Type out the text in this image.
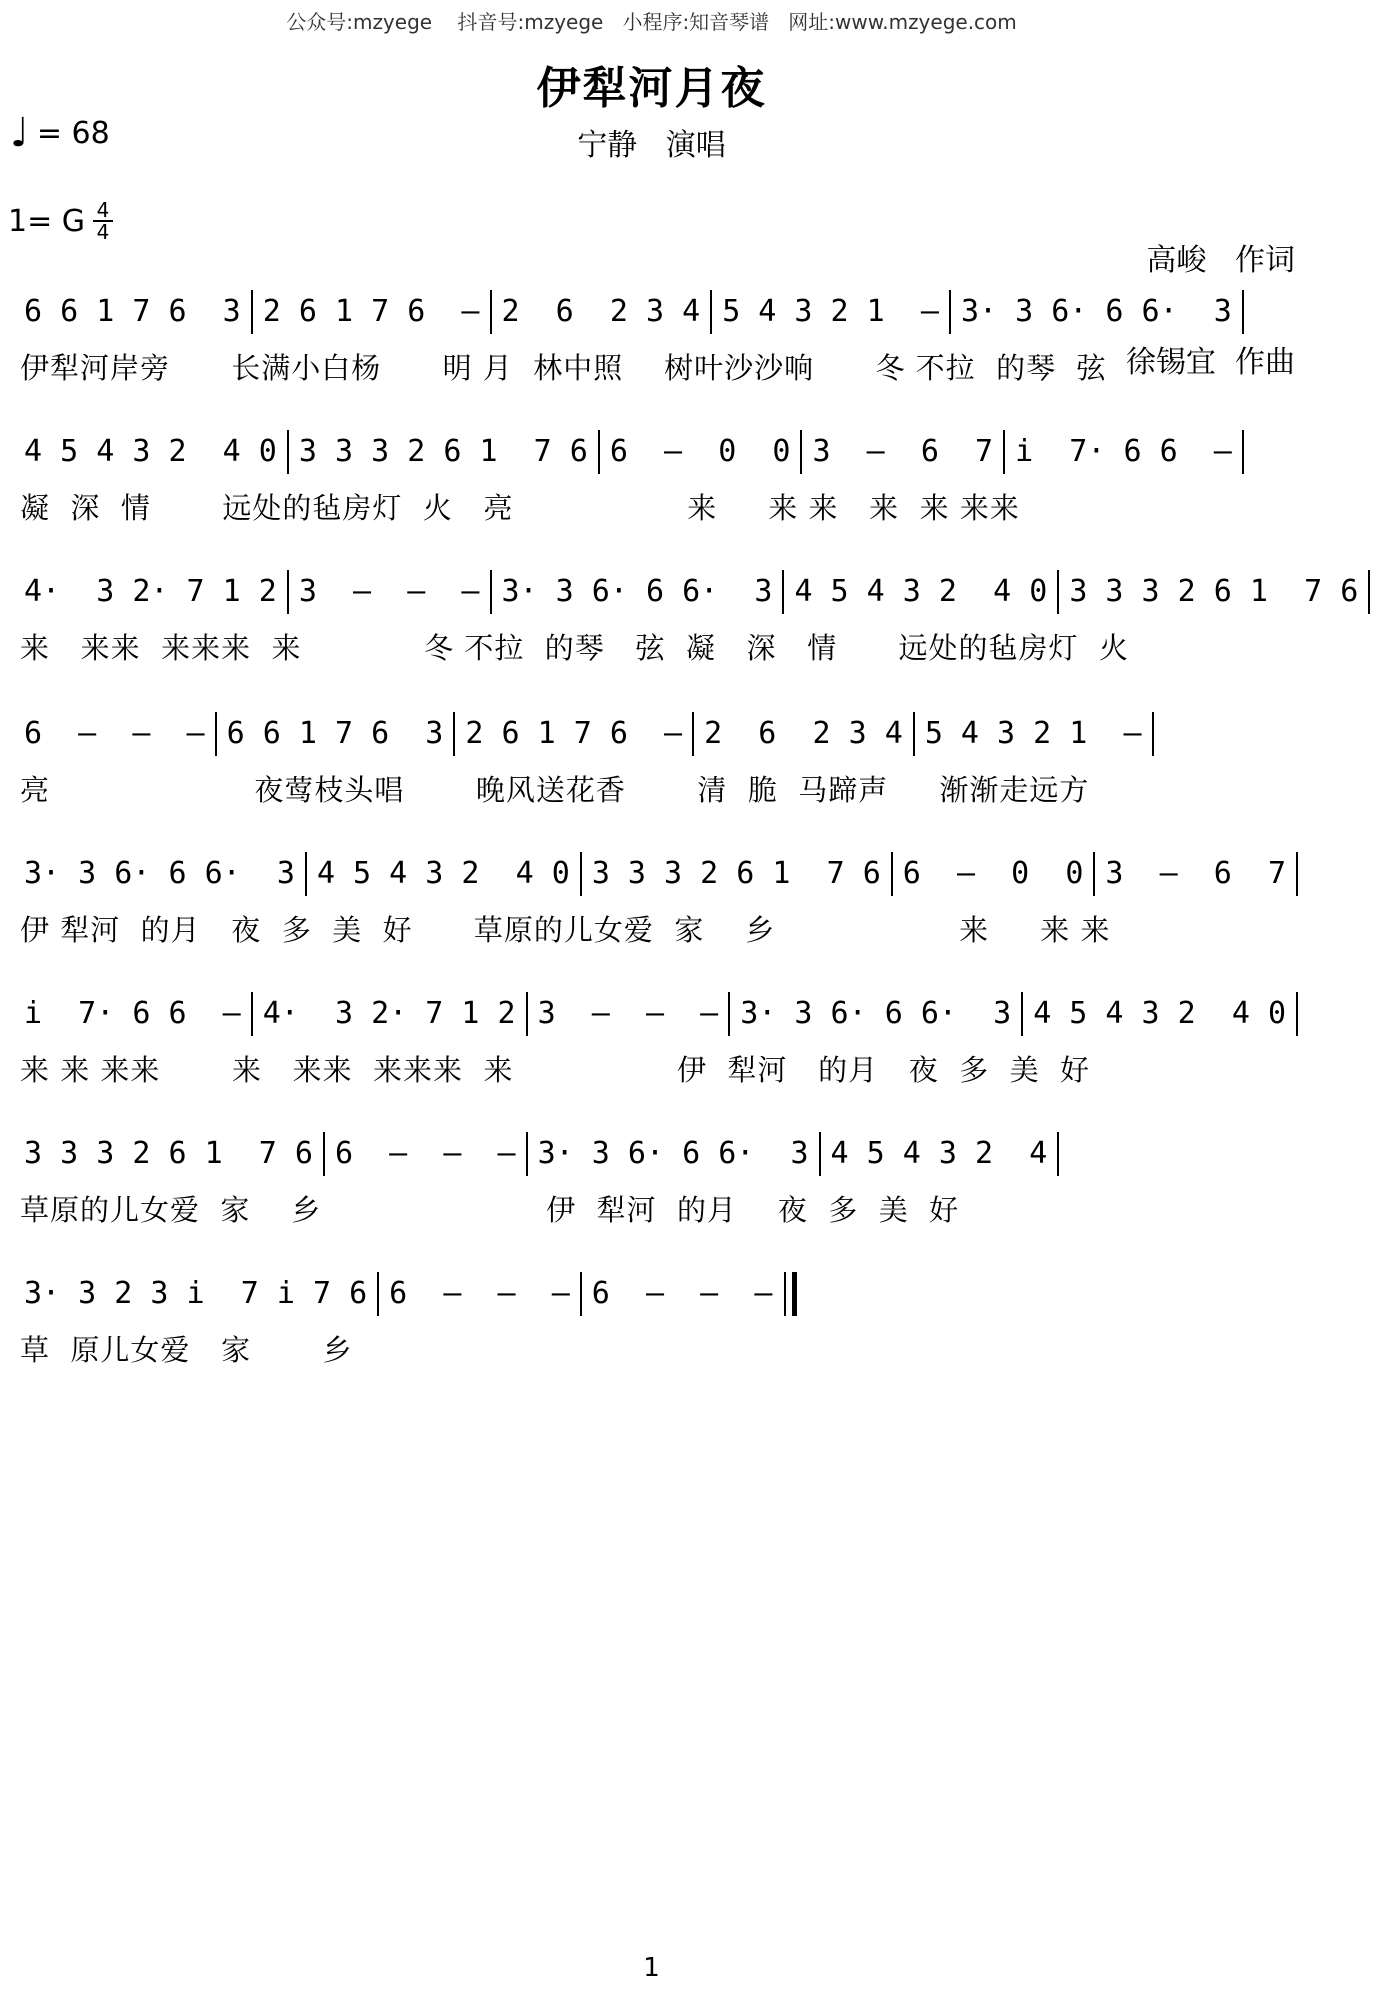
公众号:mzyege    抖音号:mzyege   小程序:知音琴谱   网址:www.mzyege.com
♩ = 68
伊犁河月夜
宁静   演唱
1= G $\frac{4}{4}$

高峻   作词

徐锡宜  作曲

6 6 1 7 6  3 2 6 1 7 6  – 2  6  2 3 4 5 4 3 2 1  – 3· 3 6· 6 6·  3
伊犁河岸旁      长满小白杨      明 月  林中照    树叶沙沙响      冬 不拉  的琴  弦
4 5 4 3 2  4 0 3 3 3 2 6 1  7 6 6  –  0  0 3  –  6  7 i  7· 6 6  –
凝  深  情       远处的毡房灯  火   亮                 来     来 来   来  来 来来
4·  3 2· 7 1 2 3  –  –  – 3· 3 6· 6 6·  3 4 5 4 3 2  4 0 3 3 3 2 6 1  7 6
来   来来  来来来  来            冬 不拉  的琴   弦  凝   深   情      远处的毡房灯  火
6  –  –  – 6 6 1 7 6  3 2 6 1 7 6  – 2  6  2 3 4 5 4 3 2 1  –
亮                    夜莺枝头唱       晚风送花香       清  脆  马蹄声     渐渐走远方
3· 3 6· 6 6·  3 4 5 4 3 2  4 0 3 3 3 2 6 1  7 6 6  –  0  0 3  –  6  7
伊 犁河  的月   夜  多  美  好      草原的儿女爱  家    乡                  来     来 来
i  7· 6 6  – 4·  3 2· 7 1 2 3  –  –  – 3· 3 6· 6 6·  3 4 5 4 3 2  4 0
来 来 来来       来   来来  来来来  来                伊  犁河   的月   夜  多  美  好
3 3 3 2 6 1  7 6 6  –  –  – 3· 3 6· 6 6·  3 4 5 4 3 2  4
草原的儿女爱  家    乡                      伊  犁河  的月    夜  多  美  好
3· 3 2 3 i  7 i 7 6 6  –  –  – 6  –  –  –
草  原儿女爱   家       乡
1
